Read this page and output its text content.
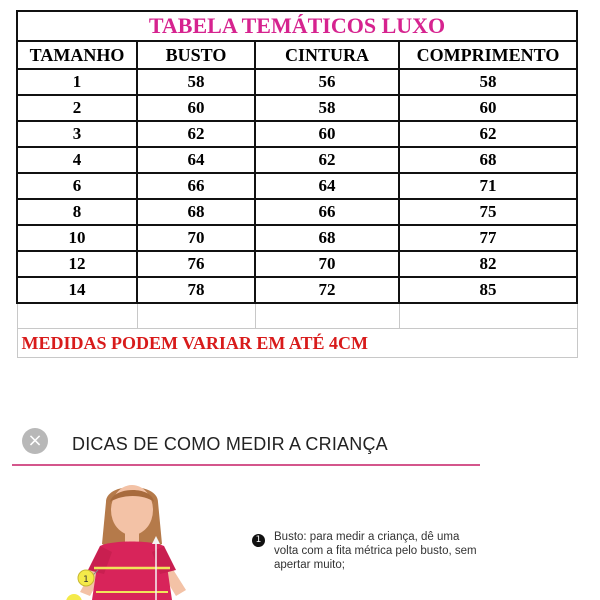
TABELA TEMÁTICOS LUXO			
TAMANHO	BUSTO	CINTURA	COMPRIMENTO
1	58	56	58
2	60	58	60
3	62	60	62
4	64	62	68
6	66	64	71
8	68	66	75
10	70	68	77
12	76	70	82
14	78	72	85

MEDIDAS PODEM VARIAR EM ATÉ 4CM			
×	DICAS DE COMO MEDIR A CRIANÇA
1
1	Busto: para medir a criança, dê uma volta com a fita métrica pelo busto, sem apertar muito;
